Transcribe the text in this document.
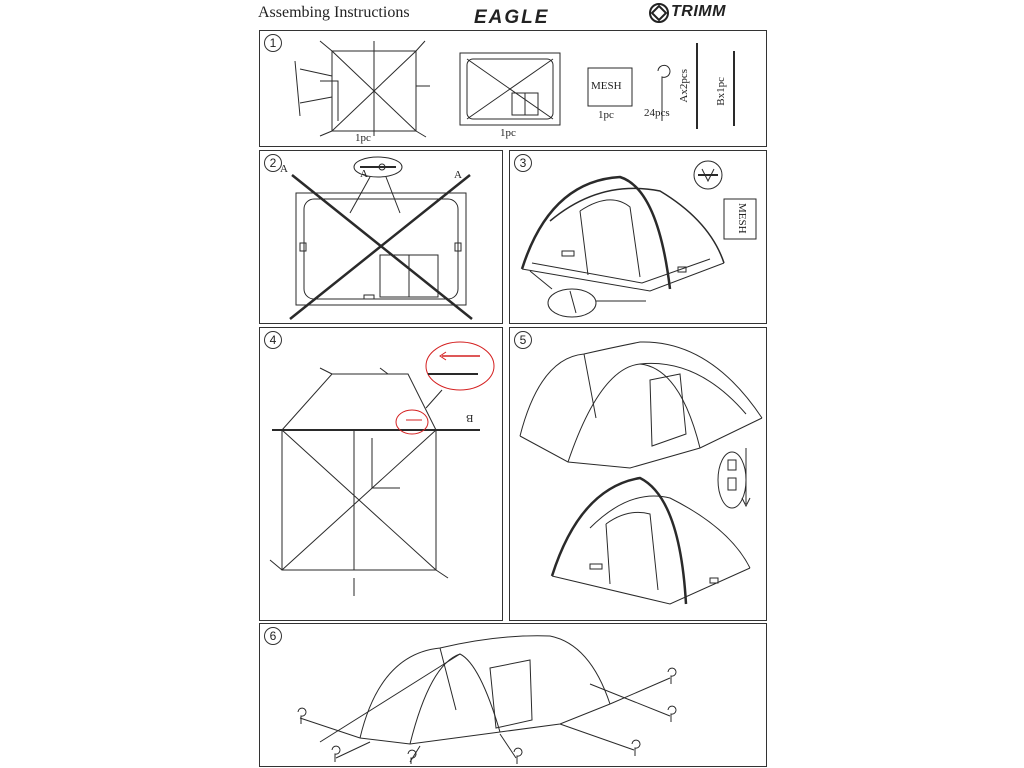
Assembing Instructions	EAGLE	TRIMM
1
1pc	1pc
MESH
1pc	24pcs
Ax2pcs Bx1pc
2 A	A
A
3
MESH
4
B
5
6
